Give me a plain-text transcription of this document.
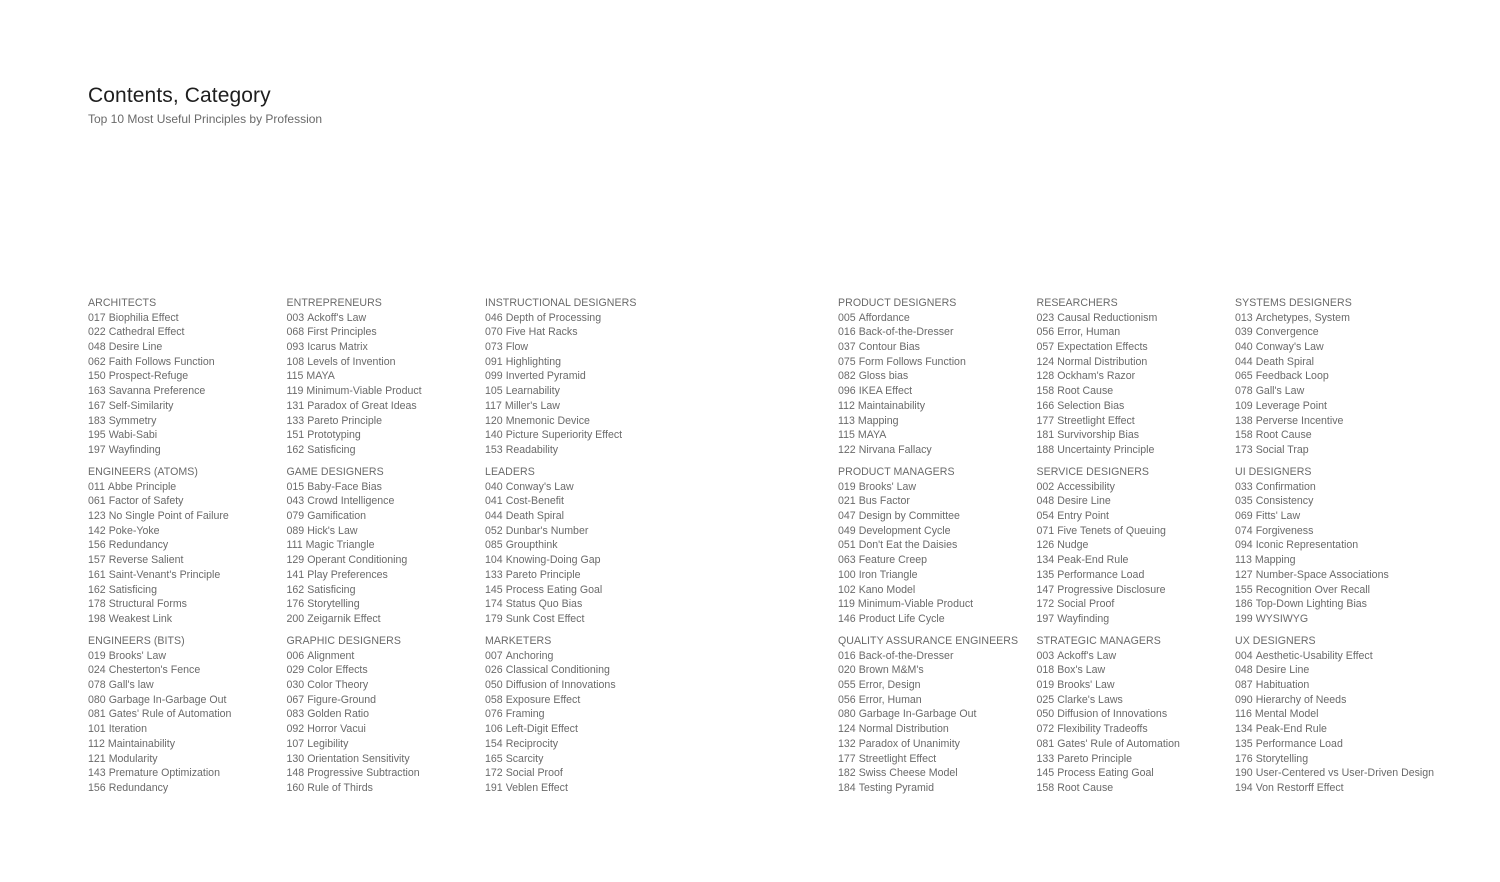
Contents, Category

Top 10 Most Useful Principles by Profession

ARCHITECTS
017 Biophilia Effect
022 Cathedral Effect
048 Desire Line
062 Faith Follows Function
150 Prospect-Refuge
163 Savanna Preference
167 Self-Similarity
183 Symmetry
195 Wabi-Sabi
197 Wayfinding
ENGINEERS (ATOMS)
011 Abbe Principle
061 Factor of Safety
123 No Single Point of Failure
142 Poke-Yoke
156 Redundancy
157 Reverse Salient
161 Saint-Venant's Principle
162 Satisficing
178 Structural Forms
198 Weakest Link
ENGINEERS (BITS)
019 Brooks' Law
024 Chesterton's Fence
078 Gall's law
080 Garbage In-Garbage Out
081 Gates' Rule of Automation
101 Iteration
112 Maintainability
121 Modularity
143 Premature Optimization
156 Redundancy
ENTREPRENEURS
003 Ackoff's Law
068 First Principles
093 Icarus Matrix
108 Levels of Invention
115 MAYA
119 Minimum-Viable Product
131 Paradox of Great Ideas
133 Pareto Principle
151 Prototyping
162 Satisficing
GAME DESIGNERS
015 Baby-Face Bias
043 Crowd Intelligence
079 Gamification
089 Hick's Law
111 Magic Triangle
129 Operant Conditioning
141 Play Preferences
162 Satisficing
176 Storytelling
200 Zeigarnik Effect
GRAPHIC DESIGNERS
006 Alignment
029 Color Effects
030 Color Theory
067 Figure-Ground
083 Golden Ratio
092 Horror Vacui
107 Legibility
130 Orientation Sensitivity
148 Progressive Subtraction
160 Rule of Thirds
INSTRUCTIONAL DESIGNERS
046 Depth of Processing
070 Five Hat Racks
073 Flow
091 Highlighting
099 Inverted Pyramid
105 Learnability
117 Miller's Law
120 Mnemonic Device
140 Picture Superiority Effect
153 Readability
LEADERS
040 Conway's Law
041 Cost-Benefit
044 Death Spiral
052 Dunbar's Number
085 Groupthink
104 Knowing-Doing Gap
133 Pareto Principle
145 Process Eating Goal
174 Status Quo Bias
179 Sunk Cost Effect
MARKETERS
007 Anchoring
026 Classical Conditioning
050 Diffusion of Innovations
058 Exposure Effect
076 Framing
106 Left-Digit Effect
154 Reciprocity
165 Scarcity
172 Social Proof
191 Veblen Effect
PRODUCT DESIGNERS
005 Affordance
016 Back-of-the-Dresser
037 Contour Bias
075 Form Follows Function
082 Gloss bias
096 IKEA Effect
112 Maintainability
113 Mapping
115 MAYA
122 Nirvana Fallacy
PRODUCT MANAGERS
019 Brooks' Law
021 Bus Factor
047 Design by Committee
049 Development Cycle
051 Don't Eat the Daisies
063 Feature Creep
100 Iron Triangle
102 Kano Model
119 Minimum-Viable Product
146 Product Life Cycle
QUALITY ASSURANCE ENGINEERS
016 Back-of-the-Dresser
020 Brown M&M's
055 Error, Design
056 Error, Human
080 Garbage In-Garbage Out
124 Normal Distribution
132 Paradox of Unanimity
177 Streetlight Effect
182 Swiss Cheese Model
184 Testing Pyramid
RESEARCHERS
023 Causal Reductionism
056 Error, Human
057 Expectation Effects
124 Normal Distribution
128 Ockham's Razor
158 Root Cause
166 Selection Bias
177 Streetlight Effect
181 Survivorship Bias
188 Uncertainty Principle
SERVICE DESIGNERS
002 Accessibility
048 Desire Line
054 Entry Point
071 Five Tenets of Queuing
126 Nudge
134 Peak-End Rule
135 Performance Load
147 Progressive Disclosure
172 Social Proof
197 Wayfinding
STRATEGIC MANAGERS
003 Ackoff's Law
018 Box's Law
019 Brooks' Law
025 Clarke's Laws
050 Diffusion of Innovations
072 Flexibility Tradeoffs
081 Gates' Rule of Automation
133 Pareto Principle
145 Process Eating Goal
158 Root Cause
SYSTEMS DESIGNERS
013 Archetypes, System
039 Convergence
040 Conway's Law
044 Death Spiral
065 Feedback Loop
078 Gall's Law
109 Leverage Point
138 Perverse Incentive
158 Root Cause
173 Social Trap
UI DESIGNERS
033 Confirmation
035 Consistency
069 Fitts' Law
074 Forgiveness
094 Iconic Representation
113 Mapping
127 Number-Space Associations
155 Recognition Over Recall
186 Top-Down Lighting Bias
199 WYSIWYG
UX DESIGNERS
004 Aesthetic-Usability Effect
048 Desire Line
087 Habituation
090 Hierarchy of Needs
116 Mental Model
134 Peak-End Rule
135 Performance Load
176 Storytelling
190 User-Centered vs User-Driven Design
194 Von Restorff Effect
